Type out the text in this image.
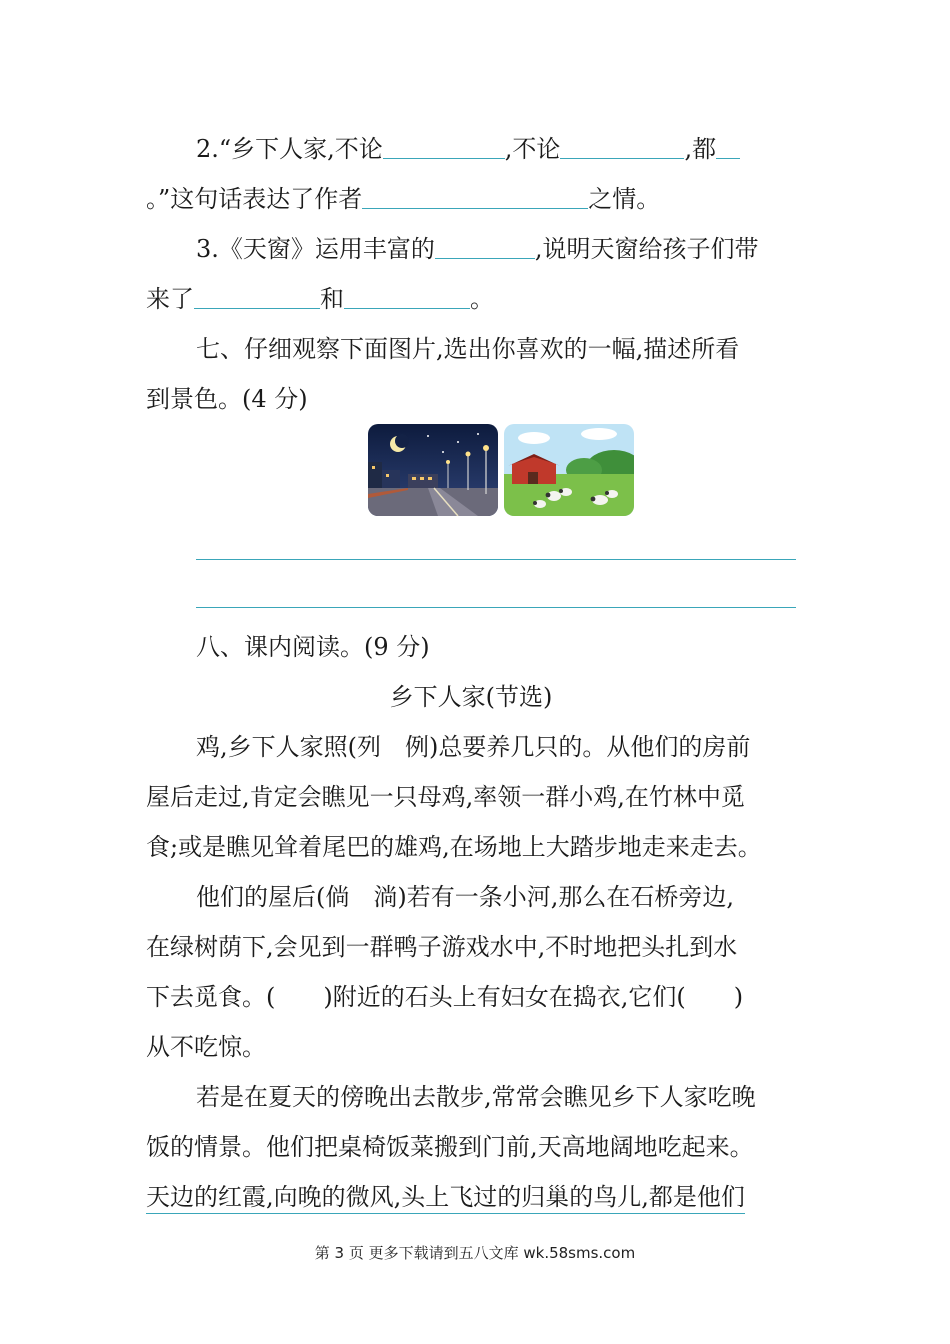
2.“乡下人家,不论	,不论	,都
。”这句话表达了作者	之情。
3.《天窗》运用丰富的	,说明天窗给孩子们带
来了	和	。
七、仔细观察下面图片,选出你喜欢的一幅,描述所看
到景色。(4 分)
八、课内阅读。(9 分)
乡下人家(节选)
鸡,乡下人家照(列　例)总要养几只的。从他们的房前
屋后走过,肯定会瞧见一只母鸡,率领一群小鸡,在竹林中觅
食;或是瞧见耸着尾巴的雄鸡,在场地上大踏步地走来走去。
他们的屋后(倘　淌)若有一条小河,那么在石桥旁边,
在绿树荫下,会见到一群鸭子游戏水中,不时地把头扎到水
下去觅食。(　　)附近的石头上有妇女在捣衣,它们(　　)
从不吃惊。
若是在夏天的傍晚出去散步,常常会瞧见乡下人家吃晚
饭的情景。他们把桌椅饭菜搬到门前,天高地阔地吃起来。
天边的红霞,向晚的微风,头上飞过的归巢的鸟儿,都是他们
第 3 页 更多下载请到五八文库 wk.58sms.com
